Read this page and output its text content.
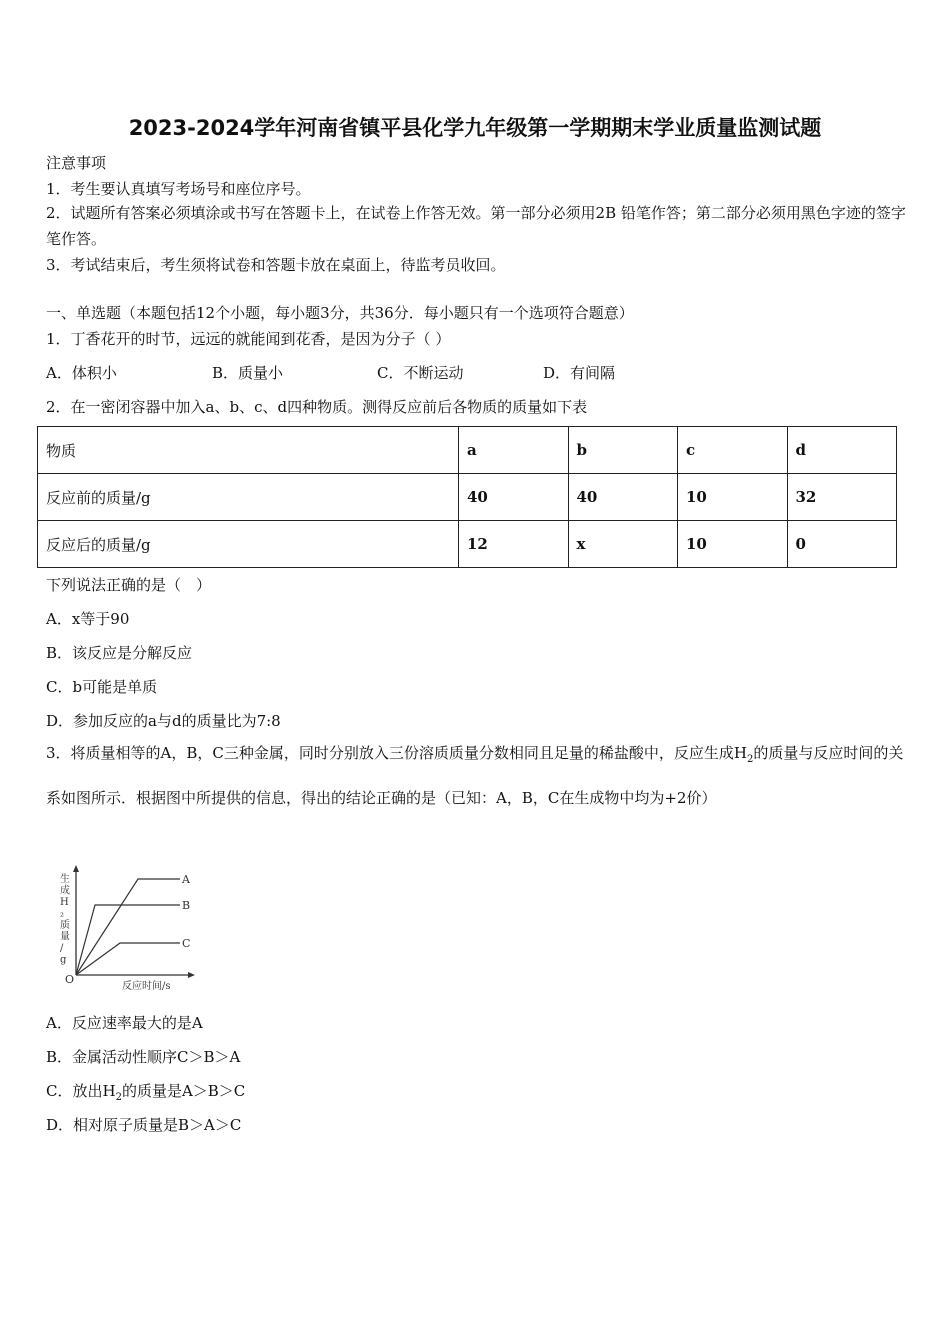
2023-2024学年河南省镇平县化学九年级第一学期期末学业质量监测试题
注意事项
1．考生要认真填写考场号和座位序号。
2．试题所有答案必须填涂或书写在答题卡上，在试卷上作答无效。第一部分必须用2B 铅笔作答；第二部分必须用黑色字迹的签字笔作答。
3．考试结束后，考生须将试卷和答题卡放在桌面上，待监考员收回。
一、单选题（本题包括12个小题，每小题3分，共36分．每小题只有一个选项符合题意）
1．丁香花开的时节，远远的就能闻到花香，是因为分子（ ）
A．体积小	B．质量小	C．不断运动	D．有间隔
2．在一密闭容器中加入a、b、c、d四种物质。测得反应前后各物质的质量如下表
物质	a	b	c	d
反应前的质量/g	40	40	10	32
反应后的质量/g	12	x	10	0
下列说法正确的是（　）
A．x等于90
B．该反应是分解反应
C．b可能是单质
D．参加反应的a与d的质量比为7:8
3．将质量相等的A，B，C三种金属，同时分别放入三份溶质质量分数相同且足量的稀盐酸中，反应生成$H_2$的质量与反应时间的关系如图所示．根据图中所提供的信息，得出的结论正确的是（已知：A，B，C在生成物中均为+2价）
A
B
C
生成 H ₂ 质量/ g
反应时间/s
O
A．反应速率最大的是A
B．金属活动性顺序C＞B＞A
C．放出$H_2$的质量是A＞B＞C
D．相对原子质量是B＞A＞C
